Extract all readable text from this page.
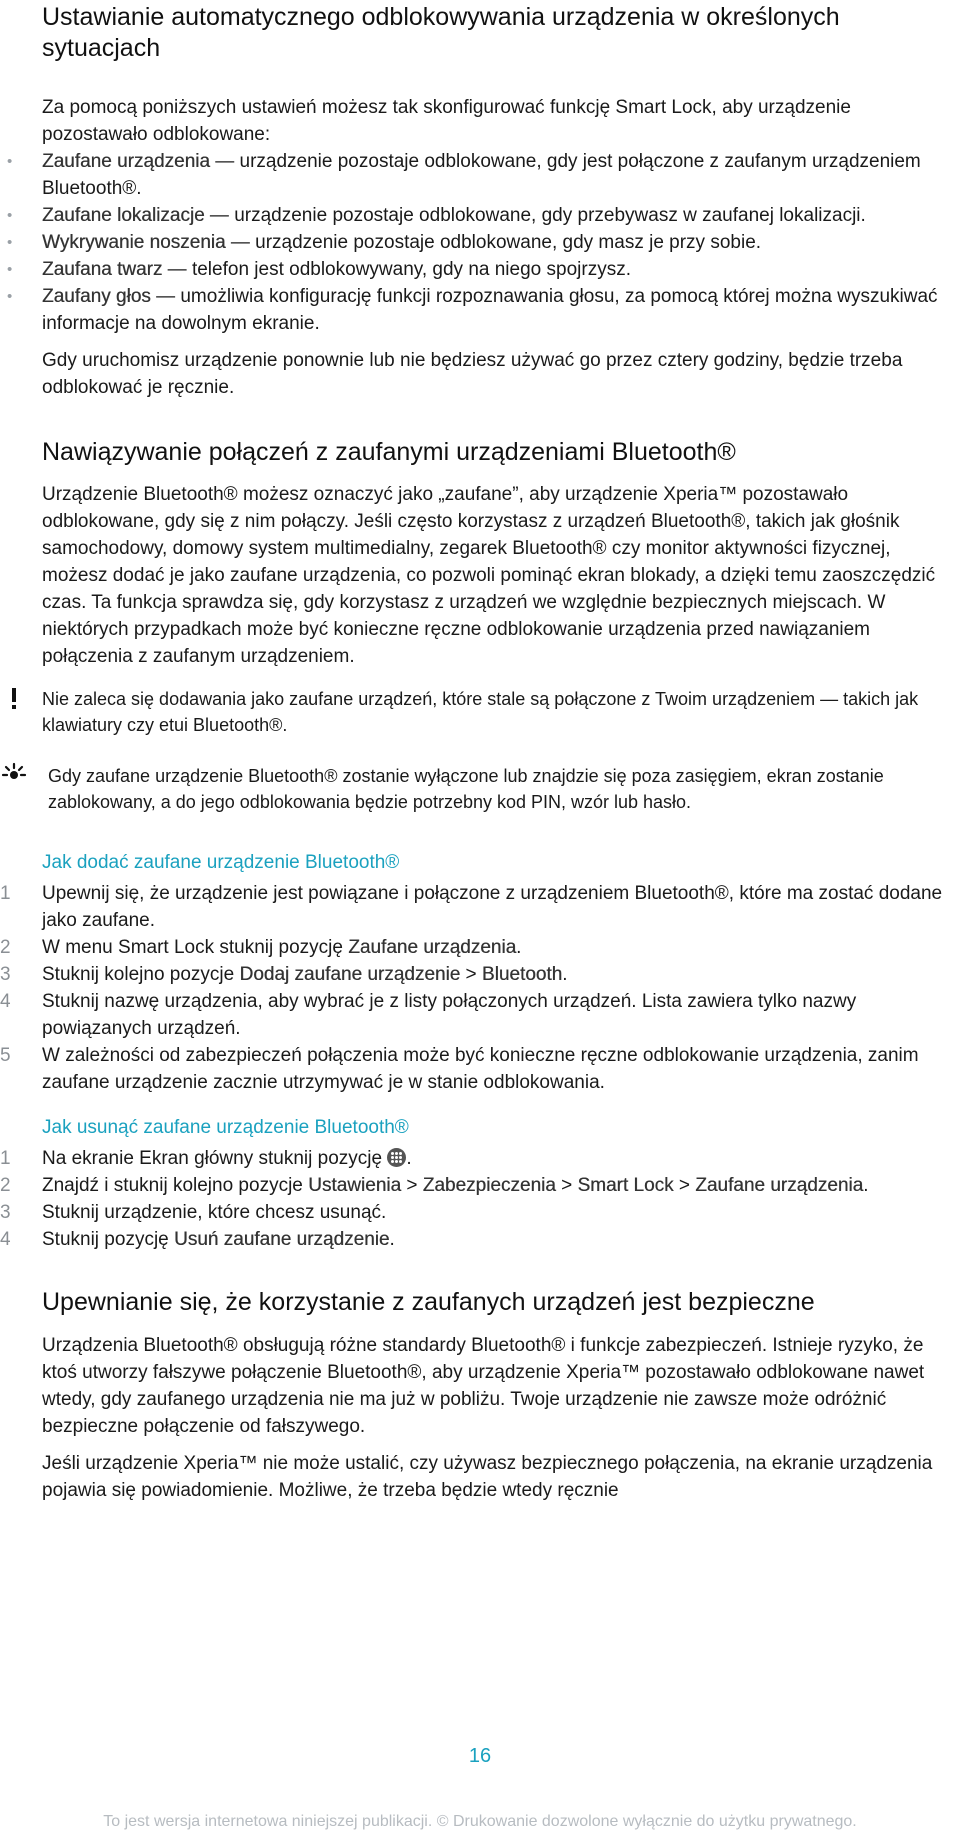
Ustawianie automatycznego odblokowywania urządzenia w określonych sytuacjach

Za pomocą poniższych ustawień możesz tak skonfigurować funkcję Smart Lock, aby urządzenie pozostawało odblokowane:

• Zaufane urządzenia — urządzenie pozostaje odblokowane, gdy jest połączone z zaufanym urządzeniem Bluetooth®.
• Zaufane lokalizacje — urządzenie pozostaje odblokowane, gdy przebywasz w zaufanej lokalizacji.
• Wykrywanie noszenia — urządzenie pozostaje odblokowane, gdy masz je przy sobie.
• Zaufana twarz — telefon jest odblokowywany, gdy na niego spojrzysz.
• Zaufany głos — umożliwia konfigurację funkcji rozpoznawania głosu, za pomocą której można wyszukiwać informacje na dowolnym ekranie.

Gdy uruchomisz urządzenie ponownie lub nie będziesz używać go przez cztery godziny, będzie trzeba odblokować je ręcznie.

Nawiązywanie połączeń z zaufanymi urządzeniami Bluetooth®

Urządzenie Bluetooth® możesz oznaczyć jako „zaufane”, aby urządzenie Xperia™ pozostawało odblokowane, gdy się z nim połączy. Jeśli często korzystasz z urządzeń Bluetooth®, takich jak głośnik samochodowy, domowy system multimedialny, zegarek Bluetooth® czy monitor aktywności fizycznej, możesz dodać je jako zaufane urządzenia, co pozwoli pominąć ekran blokady, a dzięki temu zaoszczędzić czas. Ta funkcja sprawdza się, gdy korzystasz z urządzeń we względnie bezpiecznych miejscach. W niektórych przypadkach może być konieczne ręczne odblokowanie urządzenia przed nawiązaniem połączenia z zaufanym urządzeniem.

Nie zaleca się dodawania jako zaufane urządzeń, które stale są połączone z Twoim urządzeniem — takich jak klawiatury czy etui Bluetooth®.

Gdy zaufane urządzenie Bluetooth® zostanie wyłączone lub znajdzie się poza zasięgiem, ekran zostanie zablokowany, a do jego odblokowania będzie potrzebny kod PIN, wzór lub hasło.

Jak dodać zaufane urządzenie Bluetooth®
1 Upewnij się, że urządzenie jest powiązane i połączone z urządzeniem Bluetooth®, które ma zostać dodane jako zaufane.
2 W menu Smart Lock stuknij pozycję Zaufane urządzenia.
3 Stuknij kolejno pozycje Dodaj zaufane urządzenie > Bluetooth.
4 Stuknij nazwę urządzenia, aby wybrać je z listy połączonych urządzeń. Lista zawiera tylko nazwy powiązanych urządzeń.
5 W zależności od zabezpieczeń połączenia może być konieczne ręczne odblokowanie urządzenia, zanim zaufane urządzenie zacznie utrzymywać je w stanie odblokowania.
Jak usunąć zaufane urządzenie Bluetooth®
1 Na ekranie Ekran główny stuknij pozycję .
2 Znajdź i stuknij kolejno pozycje Ustawienia > Zabezpieczenia > Smart Lock > Zaufane urządzenia.
3 Stuknij urządzenie, które chcesz usunąć.
4 Stuknij pozycję Usuń zaufane urządzenie.
Upewnianie się, że korzystanie z zaufanych urządzeń jest bezpieczne

Urządzenia Bluetooth® obsługują różne standardy Bluetooth® i funkcje zabezpieczeń. Istnieje ryzyko, że ktoś utworzy fałszywe połączenie Bluetooth®, aby urządzenie Xperia™ pozostawało odblokowane nawet wtedy, gdy zaufanego urządzenia nie ma już w pobliżu. Twoje urządzenie nie zawsze może odróżnić bezpieczne połączenie od fałszywego.

Jeśli urządzenie Xperia™ nie może ustalić, czy używasz bezpiecznego połączenia, na ekranie urządzenia pojawia się powiadomienie. Możliwe, że trzeba będzie wtedy ręcznie

16
To jest wersja internetowa niniejszej publikacji. © Drukowanie dozwolone wyłącznie do użytku prywatnego.
